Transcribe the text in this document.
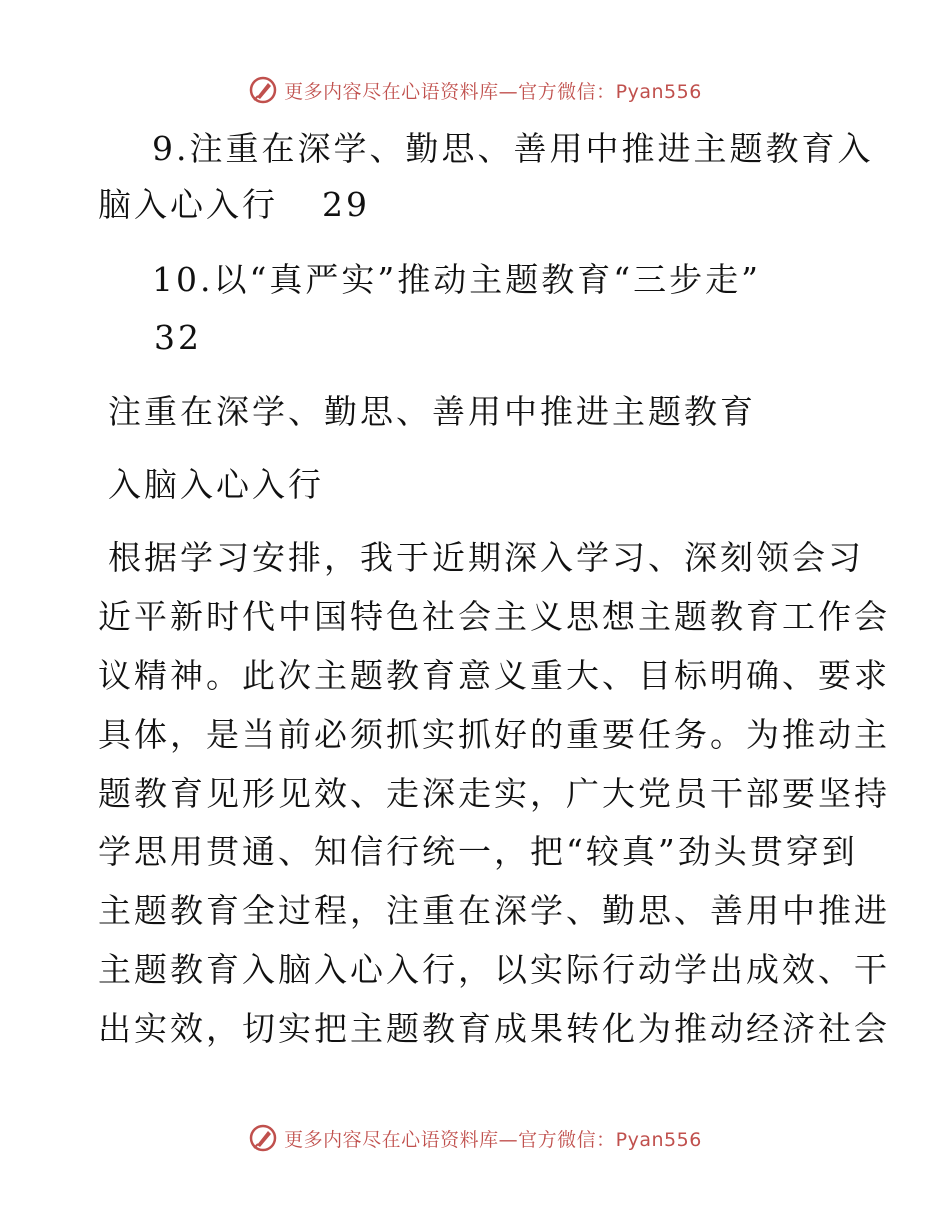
更多内容尽在心语资料库—官方微信：Pyan556
9.注重在深学、勤思、善用中推进主题教育入
脑入心入行 29
10.以“真严实”推动主题教育“三步走”
32
注重在深学、勤思、善用中推进主题教育
入脑入心入行
根据学习安排，我于近期深入学习、深刻领会习
近平新时代中国特色社会主义思想主题教育工作会
议精神。此次主题教育意义重大、目标明确、要求
具体，是当前必须抓实抓好的重要任务。为推动主
题教育见形见效、走深走实，广大党员干部要坚持
学思用贯通、知信行统一，把“较真”劲头贯穿到
主题教育全过程，注重在深学、勤思、善用中推进
主题教育入脑入心入行，以实际行动学出成效、干
出实效，切实把主题教育成果转化为推动经济社会
更多内容尽在心语资料库—官方微信：Pyan556
